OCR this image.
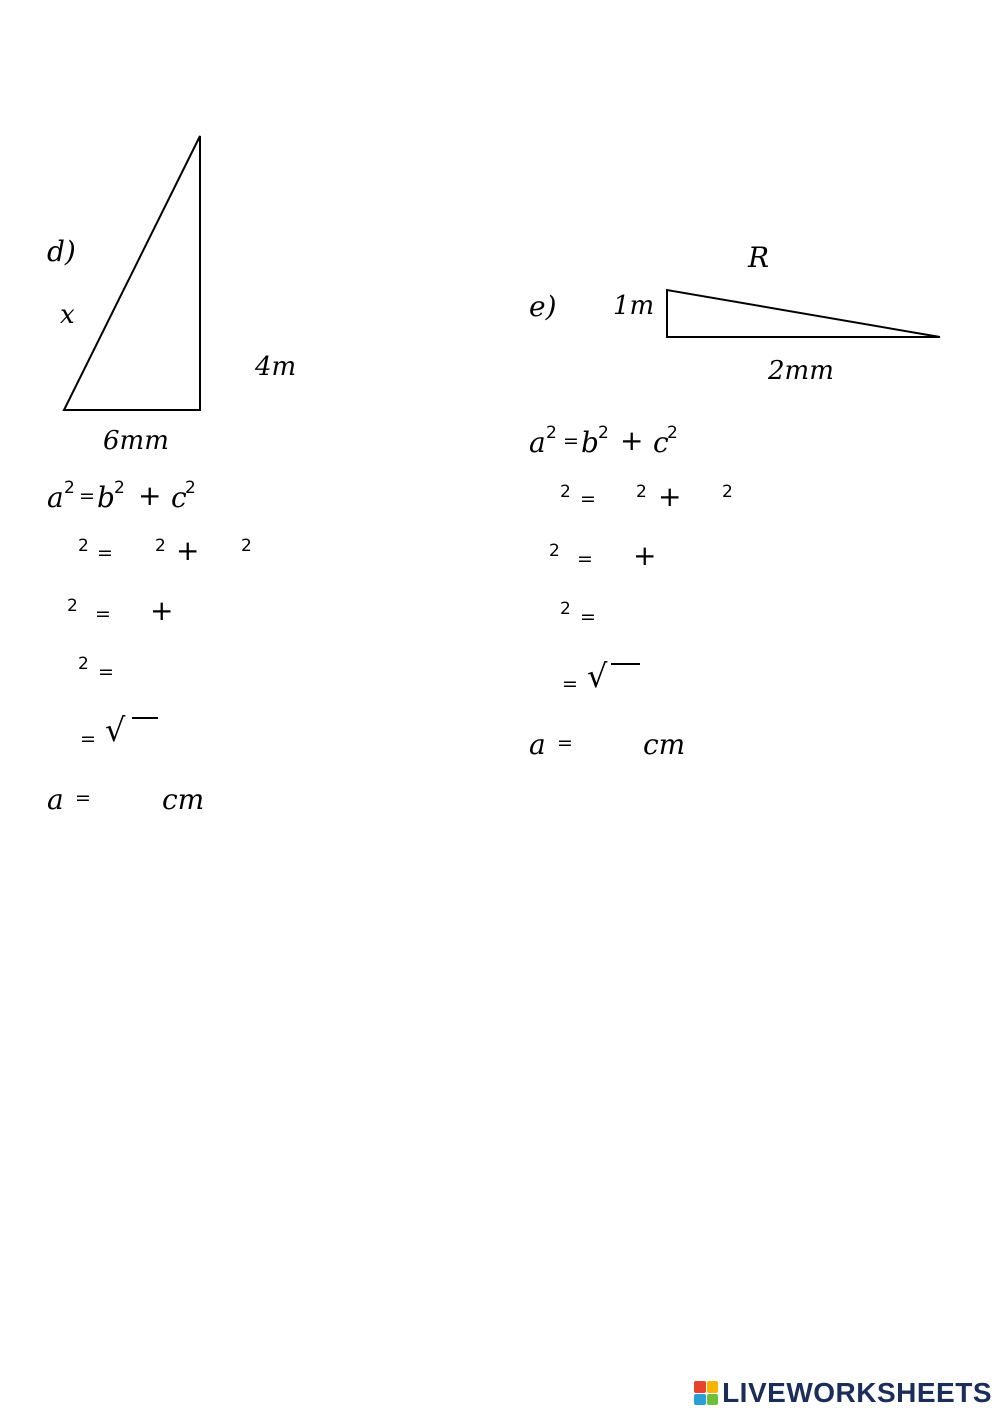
d)
x
4m
6mm
a 2 = b 2 + c
2
2 = 2 + 2
2 = +
2 =
= √
a =	cm
R
e) 1m
2mm
a 2 = b 2 + c
2
2 = 2 + 2
2 = +
2 =
= √
a =	cm
LIVEWORKSHEETS
